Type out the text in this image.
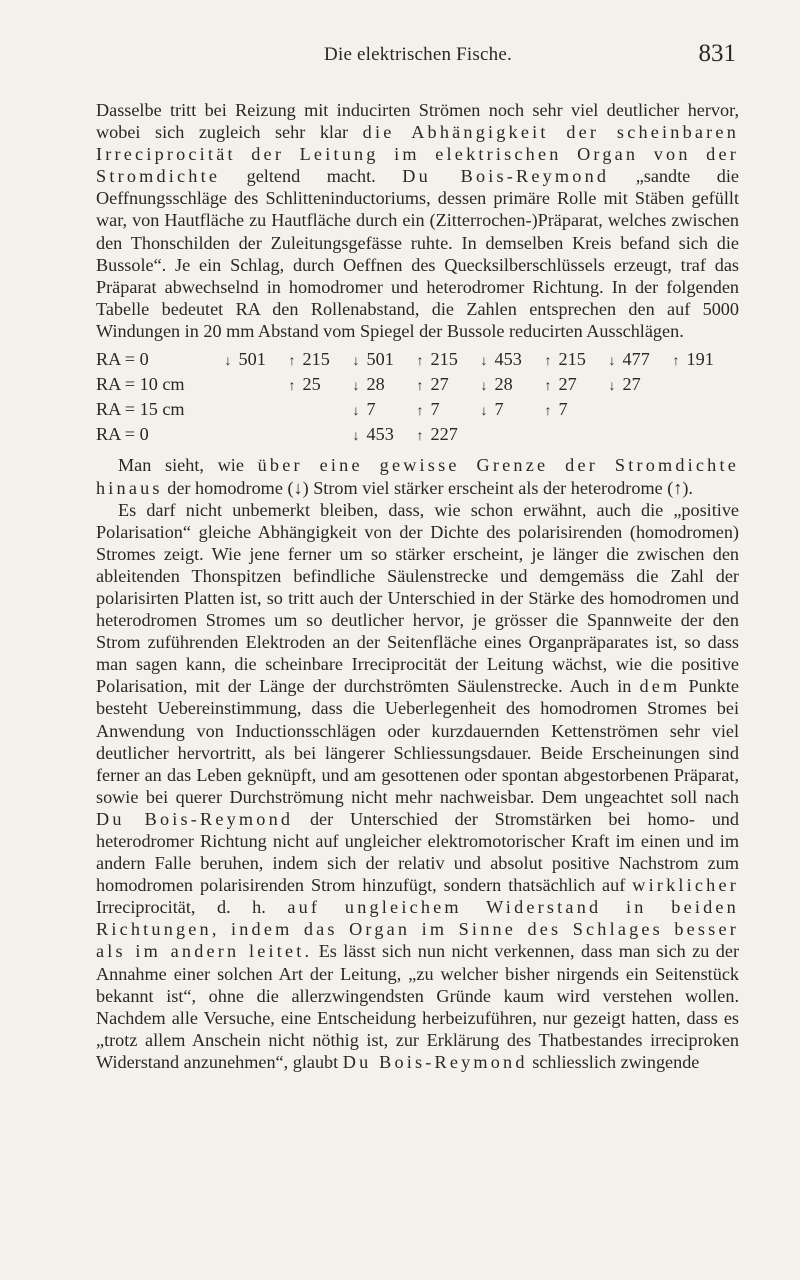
Die elektrischen Fische.	831

Dasselbe tritt bei Reizung mit inducirten Strömen noch sehr viel deutlicher hervor, wobei sich zugleich sehr klar die Abhängigkeit der scheinbaren Irreciprocität der Leitung im elektrischen Organ von der Stromdichte geltend macht. Du Bois-Reymond „sandte die Oeffnungsschläge des Schlitteninductoriums, dessen primäre Rolle mit Stäben gefüllt war, von Hautfläche zu Hautfläche durch ein (Zitterrochen-)Präparat, welches zwischen den Thonschilden der Zuleitungsgefässe ruhte. In demselben Kreis befand sich die Bussole“. Je ein Schlag, durch Oeffnen des Quecksilberschlüssels erzeugt, traf das Präparat abwechselnd in homodromer und heterodromer Richtung. In der folgenden Tabelle bedeutet RA den Rollenabstand, die Zahlen entsprechen den auf 5000 Windungen in 20 mm Abstand vom Spiegel der Bussole reducirten Ausschlägen.

RA = 0	↓ 501	↑ 215	↓ 501	↑ 215	↓ 453	↑ 215	↓ 477	↑ 191
RA = 10 cm		↑ 25	↓ 28	↑ 27	↓ 28	↑ 27	↓ 27	
RA = 15 cm			↓ 7	↑ 7	↓ 7	↑ 7		
RA = 0			↓ 453	↑ 227				

Man sieht, wie über eine gewisse Grenze der Stromdichte hinaus der homodrome (↓) Strom viel stärker erscheint als der heterodrome (↑).

Es darf nicht unbemerkt bleiben, dass, wie schon erwähnt, auch die „positive Polarisation“ gleiche Abhängigkeit von der Dichte des polarisirenden (homodromen) Stromes zeigt. Wie jene ferner um so stärker erscheint, je länger die zwischen den ableitenden Thonspitzen befindliche Säulenstrecke und demgemäss die Zahl der polarisirten Platten ist, so tritt auch der Unterschied in der Stärke des homodromen und heterodromen Stromes um so deutlicher hervor, je grösser die Spannweite der den Strom zuführenden Elektroden an der Seitenfläche eines Organpräparates ist, so dass man sagen kann, die scheinbare Irreciprocität der Leitung wächst, wie die positive Polarisation, mit der Länge der durchströmten Säulenstrecke. Auch in dem Punkte besteht Uebereinstimmung, dass die Ueberlegenheit des homodromen Stromes bei Anwendung von Inductionsschlägen oder kurzdauernden Kettenströmen sehr viel deutlicher hervortritt, als bei längerer Schliessungsdauer. Beide Erscheinungen sind ferner an das Leben geknüpft, und am gesottenen oder spontan abgestorbenen Präparat, sowie bei querer Durchströmung nicht mehr nachweisbar. Dem ungeachtet soll nach Du Bois-Reymond der Unterschied der Stromstärken bei homo- und heterodromer Richtung nicht auf ungleicher elektromotorischer Kraft im einen und im andern Falle beruhen, indem sich der relativ und absolut positive Nachstrom zum homodromen polarisirenden Strom hinzufügt, sondern thatsächlich auf wirklicher Irreciprocität, d. h. auf ungleichem Widerstand in beiden Richtungen, indem das Organ im Sinne des Schlages besser als im andern leitet. Es lässt sich nun nicht verkennen, dass man sich zu der Annahme einer solchen Art der Leitung, „zu welcher bisher nirgends ein Seitenstück bekannt ist“, ohne die allerzwingendsten Gründe kaum wird verstehen wollen. Nachdem alle Versuche, eine Entscheidung herbeizuführen, nur gezeigt hatten, dass es „trotz allem Anschein nicht nöthig ist, zur Erklärung des Thatbestandes irreciproken Widerstand anzunehmen“, glaubt Du Bois-Reymond schliesslich zwingende
